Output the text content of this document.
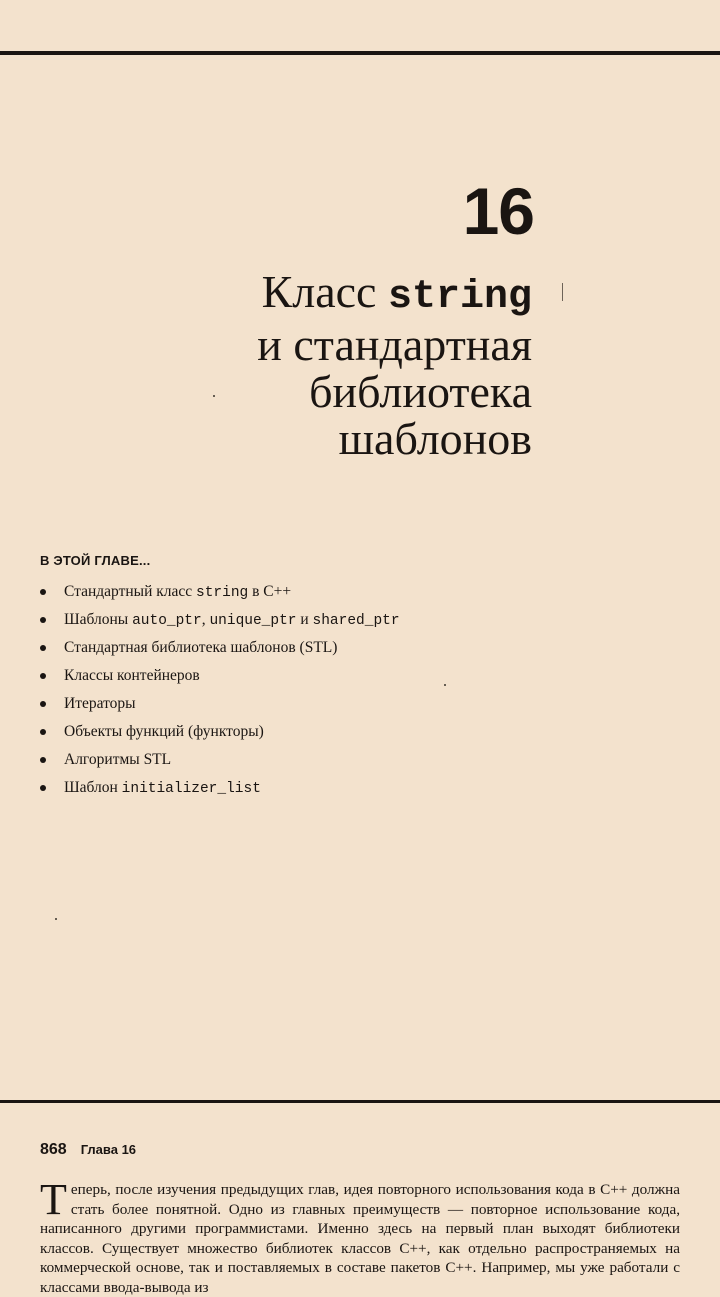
16
Класс string
и стандартная
библиотека
шаблонов
В ЭТОЙ ГЛАВЕ...
Стандартный класс string в C++
Шаблоны auto_ptr, unique_ptr и shared_ptr
Стандартная библиотека шаблонов (STL)
Классы контейнеров
Итераторы
Объекты функций (функторы)
Алгоритмы STL
Шаблон initializer_list
868 Глава 16

Теперь, после изучения предыдущих глав, идея повторного использования кода в C++ должна стать более понятной. Одно из главных преимуществ — повторное использование кода, написанного другими программистами. Именно здесь на первый план выходят библиотеки классов. Существует множество библиотек классов C++, как отдельно распространяемых на коммерческой основе, так и поставляемых в составе пакетов C++. Например, мы уже работали с классами ввода-вывода из
